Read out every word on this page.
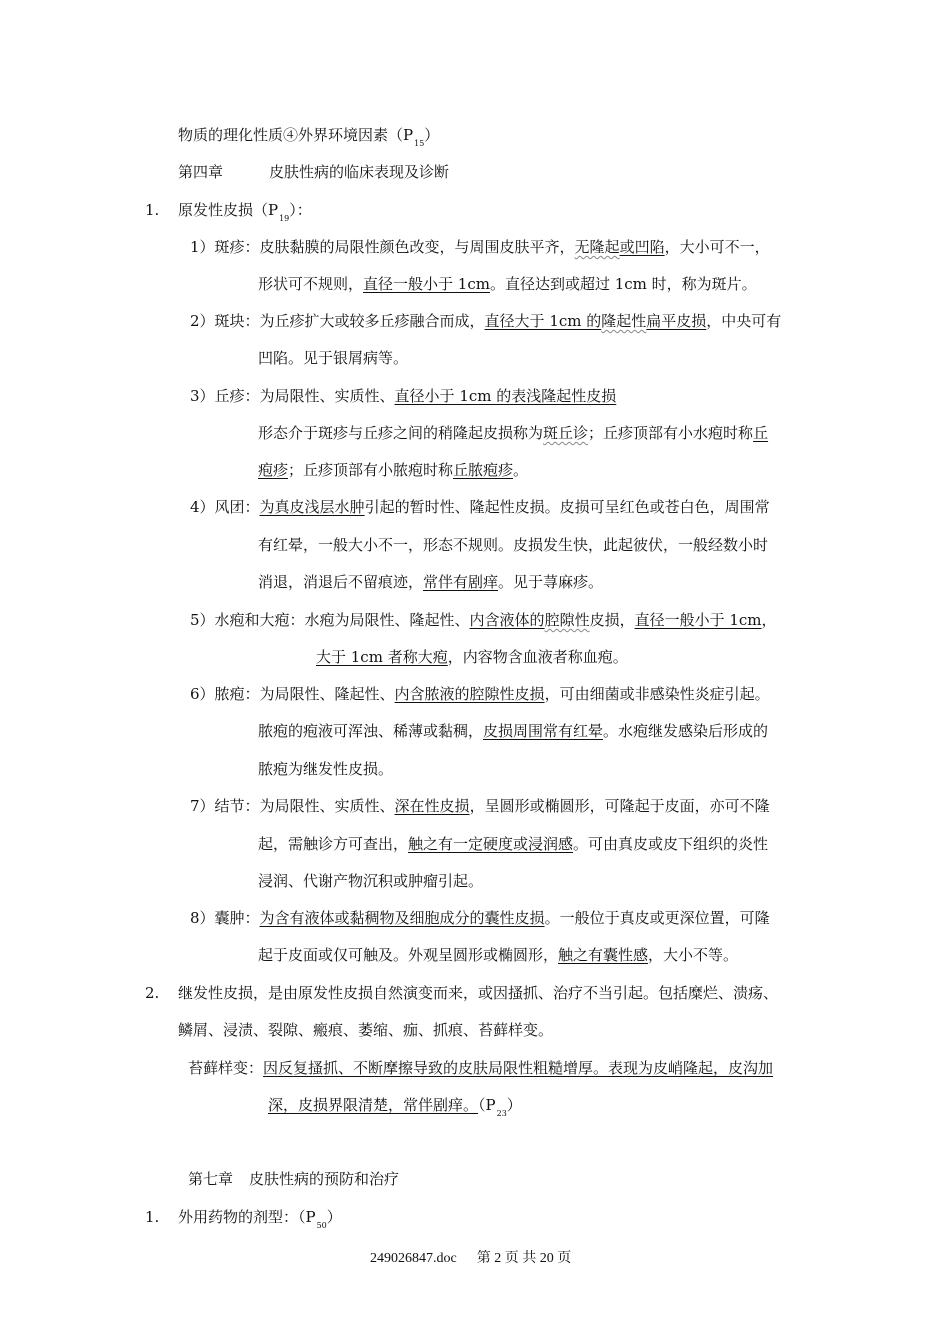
物质的理化性质④外界环境因素$(P_{15})$
第四章	皮肤性病的临床表现及诊断
1. 原发性皮损$(P_{19})$：
1）斑疹：皮肤黏膜的局限性颜色改变，与周围皮肤平齐，无隆起或凹陷，大小可不一，
形状可不规则，直径一般小于 1cm。直径达到或超过 1cm 时，称为斑片。
2）斑块：为丘疹扩大或较多丘疹融合而成，直径大于 1cm 的隆起性扁平皮损，中央可有
凹陷。见于银屑病等。
3）丘疹：为局限性、实质性、直径小于 1cm 的表浅隆起性皮损
形态介于斑疹与丘疹之间的稍隆起皮损称为斑丘诊；丘疹顶部有小水疱时称丘
疱疹；丘疹顶部有小脓疱时称丘脓疱疹。
4）风团：为真皮浅层水肿引起的暂时性、隆起性皮损。皮损可呈红色或苍白色，周围常
有红晕，一般大小不一，形态不规则。皮损发生快，此起彼伏，一般经数小时
消退，消退后不留痕迹，常伴有剧痒。见于荨麻疹。
5）水疱和大疱：水疱为局限性、隆起性、内含液体的腔隙性皮损，直径一般小于 1cm，
大于 1cm 者称大疱，内容物含血液者称血疱。
6）脓疱：为局限性、隆起性、内含脓液的腔隙性皮损，可由细菌或非感染性炎症引起。
脓疱的疱液可浑浊、稀薄或黏稠，皮损周围常有红晕。水疱继发感染后形成的
脓疱为继发性皮损。
7）结节：为局限性、实质性、深在性皮损，呈圆形或椭圆形，可隆起于皮面，亦可不隆
起，需触诊方可查出，触之有一定硬度或浸润感。可由真皮或皮下组织的炎性
浸润、代谢产物沉积或肿瘤引起。
8）囊肿：为含有液体或黏稠物及细胞成分的囊性皮损。一般位于真皮或更深位置，可隆
起于皮面或仅可触及。外观呈圆形或椭圆形，触之有囊性感，大小不等。
2. 继发性皮损，是由原发性皮损自然演变而来，或因搔抓、治疗不当引起。包括糜烂、溃疡、
鳞屑、浸渍、裂隙、瘢痕、萎缩、痂、抓痕、苔藓样变。
苔藓样变：因反复搔抓、不断摩擦导致的皮肤局限性粗糙增厚。表现为皮峭隆起，皮沟加
深，皮损界限清楚，常伴剧痒。$(P_{23})$
第七章 皮肤性病的预防和治疗
1. 外用药物的剂型：$(P_{50})$
249026847.doc 第 2 页 共 20 页
